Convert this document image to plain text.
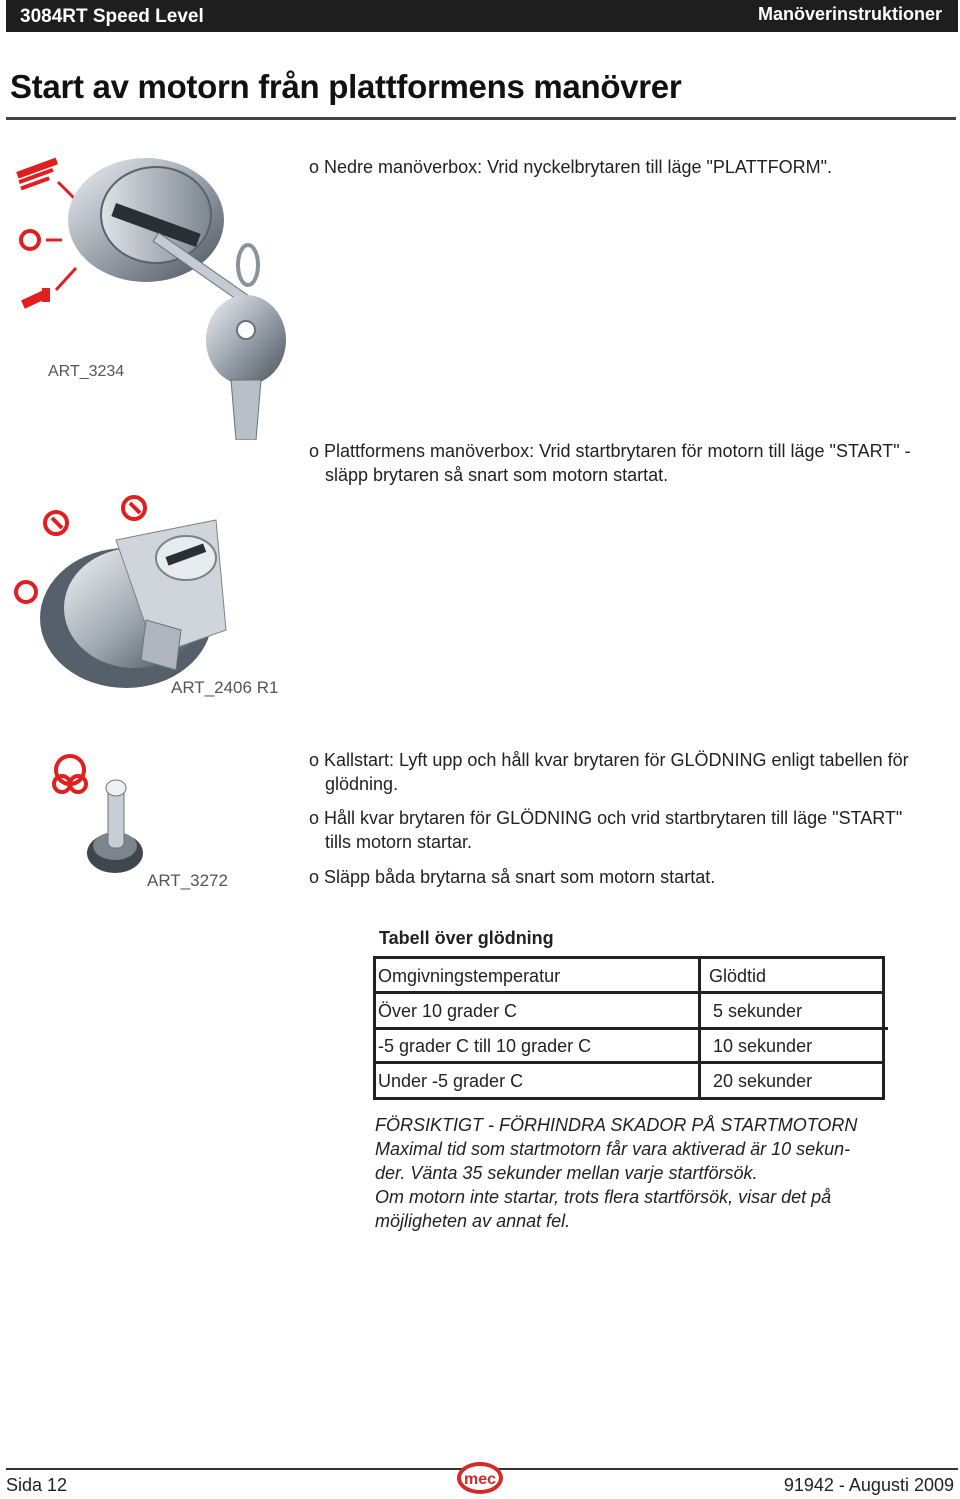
3084RT Speed Level	Manöverinstruktioner
Start av motorn från plattformens manövrer
ART_3234
o Nedre manöverbox: Vrid nyckelbrytaren till läge "PLATTFORM".
o Plattformens manöverbox: Vrid startbrytaren för motorn till läge "START" -
släpp brytaren så snart som motorn startat.
ART_2406 R1
ART_3272
o Kallstart: Lyft upp och håll kvar brytaren för GLÖDNING enligt tabellen för
glödning.
o Håll kvar brytaren för GLÖDNING och vrid startbrytaren till läge "START"
tills motorn startar.
o Släpp båda brytarna så snart som motorn startat.
Tabell över glödning
Omgivningstemperatur	Glödtid
Över 10 grader C	5 sekunder
-5 grader C till 10 grader C	10 sekunder
Under -5 grader C	20 sekunder
FÖRSIKTIGT - FÖRHINDRA SKADOR PÅ STARTMOTORN
Maximal tid som startmotorn får vara aktiverad är 10 sekun-
der. Vänta 35 sekunder mellan varje startförsök.
Om motorn inte startar, trots flera startförsök, visar det på
möjligheten av annat fel.
Sida 12	mec	91942 - Augusti 2009
